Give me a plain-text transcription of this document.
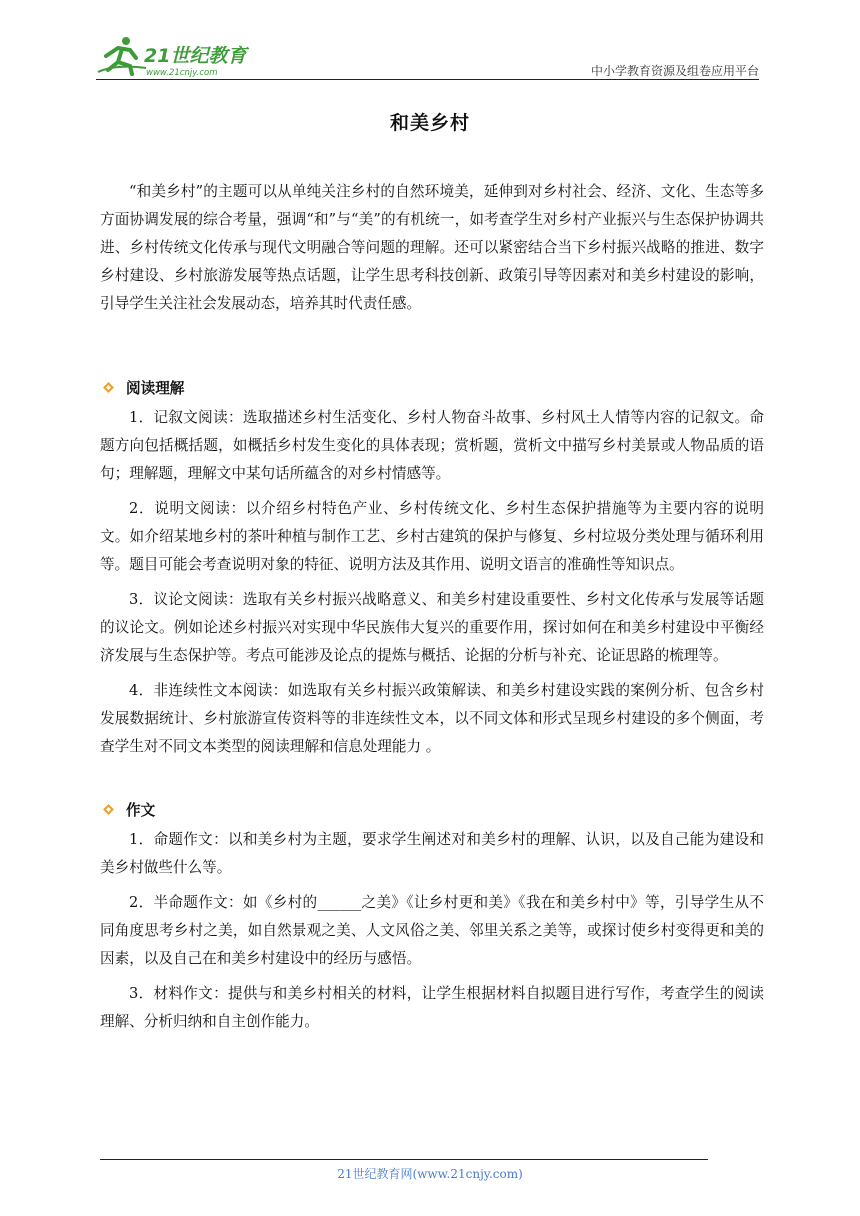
21世纪教育
www.21cnjy.com	中小学教育资源及组卷应用平台
和美乡村

“和美乡村”的主题可以从单纯关注乡村的自然环境美，延伸到对乡村社会、经济、文化、生态等多方面协调发展的综合考量，强调“和”与“美”的有机统一，如考查学生对乡村产业振兴与生态保护协调共进、乡村传统文化传承与现代文明融合等问题的理解。还可以紧密结合当下乡村振兴战略的推进、数字乡村建设、乡村旅游发展等热点话题，让学生思考科技创新、政策引导等因素对和美乡村建设的影响，引导学生关注社会发展动态，培养其时代责任感。

阅读理解

1．记叙文阅读：选取描述乡村生活变化、乡村人物奋斗故事、乡村风土人情等内容的记叙文。命题方向包括概括题，如概括乡村发生变化的具体表现；赏析题，赏析文中描写乡村美景或人物品质的语句；理解题，理解文中某句话所蕴含的对乡村情感等。

2．说明文阅读：以介绍乡村特色产业、乡村传统文化、乡村生态保护措施等为主要内容的说明文。如介绍某地乡村的茶叶种植与制作工艺、乡村古建筑的保护与修复、乡村垃圾分类处理与循环利用等。题目可能会考查说明对象的特征、说明方法及其作用、说明文语言的准确性等知识点。

3．议论文阅读：选取有关乡村振兴战略意义、和美乡村建设重要性、乡村文化传承与发展等话题的议论文。例如论述乡村振兴对实现中华民族伟大复兴的重要作用，探讨如何在和美乡村建设中平衡经济发展与生态保护等。考点可能涉及论点的提炼与概括、论据的分析与补充、论证思路的梳理等。

4．非连续性文本阅读：如选取有关乡村振兴政策解读、和美乡村建设实践的案例分析、包含乡村发展数据统计、乡村旅游宣传资料等的非连续性文本，以不同文体和形式呈现乡村建设的多个侧面，考查学生对不同文本类型的阅读理解和信息处理能力 。

作文

1．命题作文：以和美乡村为主题，要求学生阐述对和美乡村的理解、认识，以及自己能为建设和美乡村做些什么等。

2．半命题作文：如《乡村的______之美》《让乡村更和美》《我在和美乡村中》等，引导学生从不同角度思考乡村之美，如自然景观之美、人文风俗之美、邻里关系之美等，或探讨使乡村变得更和美的因素，以及自己在和美乡村建设中的经历与感悟。

3．材料作文：提供与和美乡村相关的材料，让学生根据材料自拟题目进行写作，考查学生的阅读理解、分析归纳和自主创作能力。

21世纪教育网(www.21cnjy.com)
